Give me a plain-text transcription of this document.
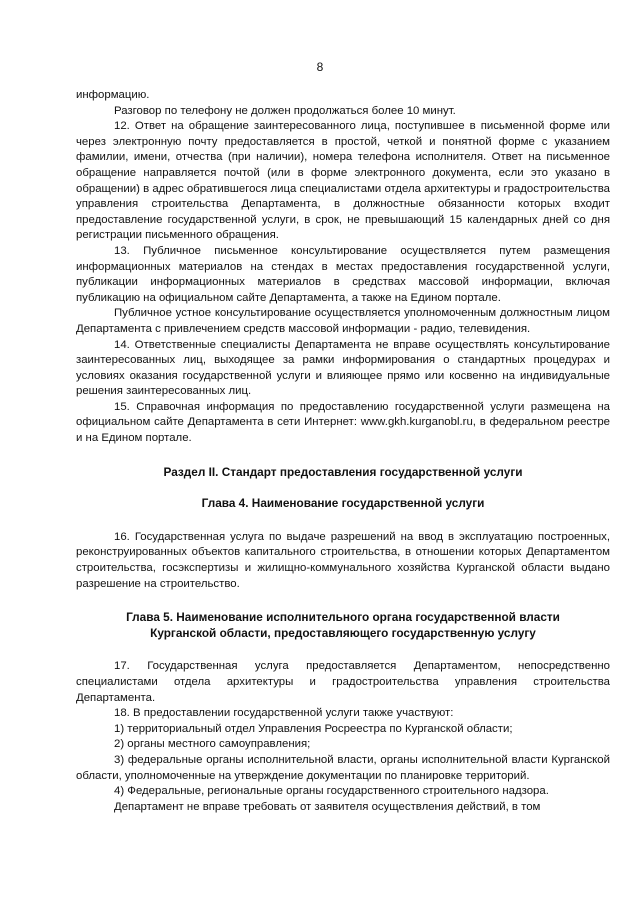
8

информацию.

Разговор по телефону не должен продолжаться более 10 минут.

12. Ответ на обращение заинтересованного лица, поступившее в письменной форме или через электронную почту предоставляется в простой, четкой и понятной форме с указанием фамилии, имени, отчества (при наличии), номера телефона исполнителя. Ответ на письменное обращение направляется почтой (или в форме электронного документа, если это указано в обращении) в адрес обратившегося лица специалистами отдела архитектуры и градостроительства управления строительства Департамента, в должностные обязанности которых входит предоставление государственной услуги, в срок, не превышающий 15 календарных дней со дня регистрации письменного обращения.

13. Публичное письменное консультирование осуществляется путем размещения информационных материалов на стендах в местах предоставления государственной услуги, публикации информационных материалов в средствах массовой информации, включая публикацию на официальном сайте Департамента, а также на Едином портале.

Публичное устное консультирование осуществляется уполномоченным должностным лицом Департамента с привлечением средств массовой информации - радио, телевидения.

14. Ответственные специалисты Департамента не вправе осуществлять консультирование заинтересованных лиц, выходящее за рамки информирования о стандартных процедурах и условиях оказания государственной услуги и влияющее прямо или косвенно на индивидуальные решения заинтересованных лиц.

15. Справочная информация по предоставлению государственной услуги размещена на официальном сайте Департамента в сети Интернет: www.gkh.kurganobl.ru, в федеральном реестре и на Едином портале.

Раздел II. Стандарт предоставления государственной услуги
Глава 4. Наименование государственной услуги

16. Государственная услуга по выдаче разрешений на ввод в эксплуатацию построенных, реконструированных объектов капитального строительства, в отношении которых Департаментом строительства, госэкспертизы и жилищно-коммунального хозяйства Курганской области выдано разрешение на строительство.

Глава 5. Наименование исполнительного органа государственной власти
Курганской области, предоставляющего государственную услугу

17. Государственная услуга предоставляется Департаментом, непосредственно специалистами отдела архитектуры и градостроительства управления строительства Департамента.

18. В предоставлении государственной услуги также участвуют:

1) территориальный отдел Управления Росреестра по Курганской области;

2) органы местного самоуправления;

3) федеральные органы исполнительной власти, органы исполнительной власти Курганской области, уполномоченные на утверждение документации по планировке территорий.

4) Федеральные, региональные органы государственного строительного надзора.

Департамент не вправе требовать от заявителя осуществления действий, в том
